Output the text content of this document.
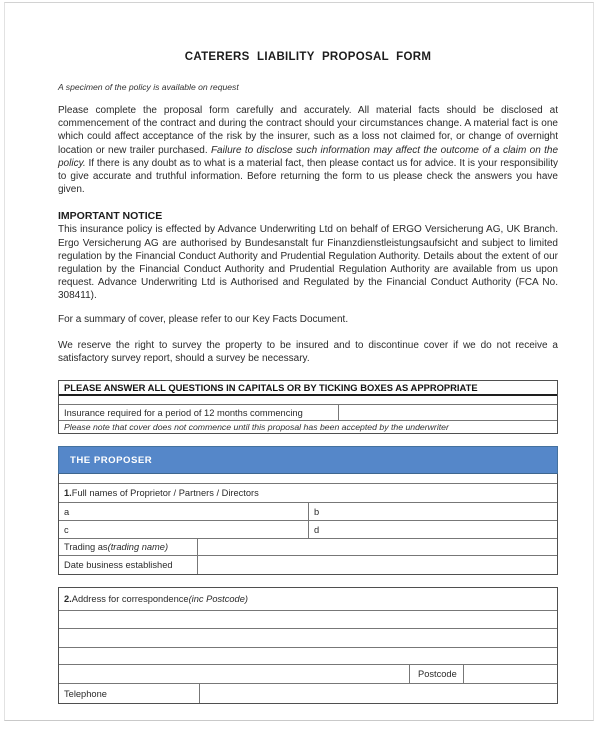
CATERERS LIABILITY PROPOSAL FORM
A specimen of the policy is available on request

Please complete the proposal form carefully and accurately. All material facts should be disclosed at commencement of the contract and during the contract should your circumstances change. A material fact is one which could affect acceptance of the risk by the insurer, such as a loss not claimed for, or change of overnight location or new trailer purchased. Failure to disclose such information may affect the outcome of a claim on the policy. If there is any doubt as to what is a material fact, then please contact us for advice. It is your responsibility to give accurate and truthful information. Before returning the form to us please check the answers you have given.

IMPORTANT NOTICE

This insurance policy is effected by Advance Underwriting Ltd on behalf of ERGO Versicherung AG, UK Branch. Ergo Versicherung AG are authorised by Bundesanstalt fur Finanzdienstleistungsaufsicht and subject to limited regulation by the Financial Conduct Authority and Prudential Regulation Authority. Details about the extent of our regulation by the Financial Conduct Authority and Prudential Regulation Authority are available from us upon request. Advance Underwriting Ltd is Authorised and Regulated by the Financial Conduct Authority (FCA No. 308411).

For a summary of cover, please refer to our Key Facts Document.

We reserve the right to survey the property to be insured and to discontinue cover if we do not receive a satisfactory survey report, should a survey be necessary.

PLEASE ANSWER ALL QUESTIONS IN CAPITALS OR BY TICKING BOXES AS APPROPRIATE
Insurance required for a period of 12 months commencing
Please note that cover does not commence until this proposal has been accepted by the underwriter
THE PROPOSER
1. Full names of Proprietor / Partners / Directors
a	b
c	d
Trading as (trading name)
Date business established
2. Address for correspondence (inc Postcode)
Postcode
Telephone
